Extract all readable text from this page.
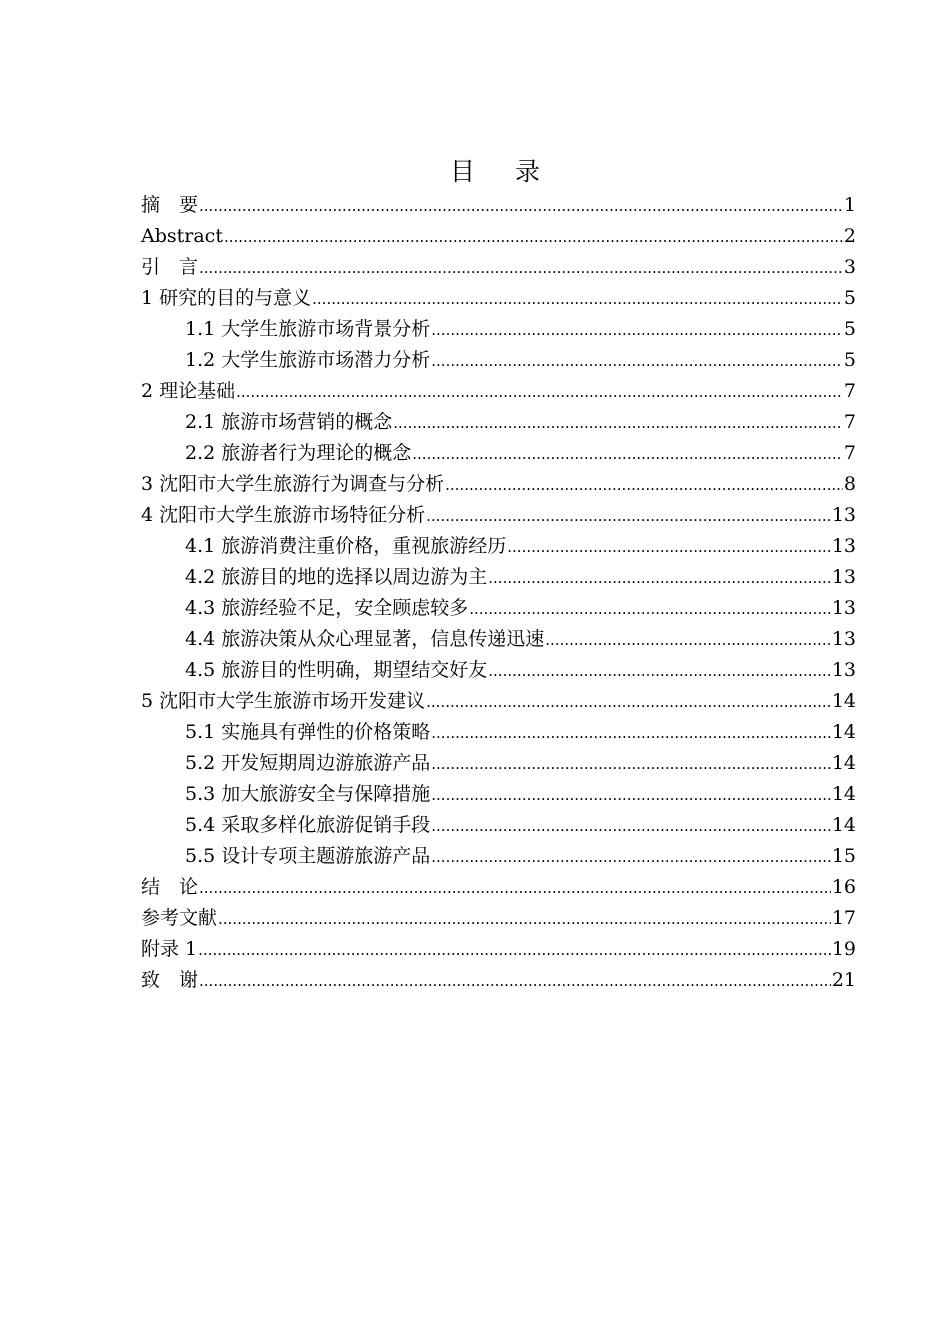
目 录
摘　要 .....	1
Abstract .....	2
引　言 .....	3
1 研究的目的与意义 .....	5
1.1 大学生旅游市场背景分析 .....	5
1.2 大学生旅游市场潜力分析 .....	5
2 理论基础 .....	7
2.1 旅游市场营销的概念 .....	7
2.2 旅游者行为理论的概念 .....	7
3 沈阳市大学生旅游行为调查与分析 .....	8
4 沈阳市大学生旅游市场特征分析 .....	13
4.1 旅游消费注重价格，重视旅游经历 .....	13
4.2 旅游目的地的选择以周边游为主 .....	13
4.3 旅游经验不足，安全顾虑较多 .....	13
4.4 旅游决策从众心理显著，信息传递迅速 .....	13
4.5 旅游目的性明确，期望结交好友 .....	13
5 沈阳市大学生旅游市场开发建议 .....	14
5.1 实施具有弹性的价格策略 .....	14
5.2 开发短期周边游旅游产品 .....	14
5.3 加大旅游安全与保障措施 .....	14
5.4 采取多样化旅游促销手段 .....	14
5.5 设计专项主题游旅游产品 .....	15
结　论 .....	16
参考文献 .....	17
附录 1 .....	19
致　谢 .....	21
